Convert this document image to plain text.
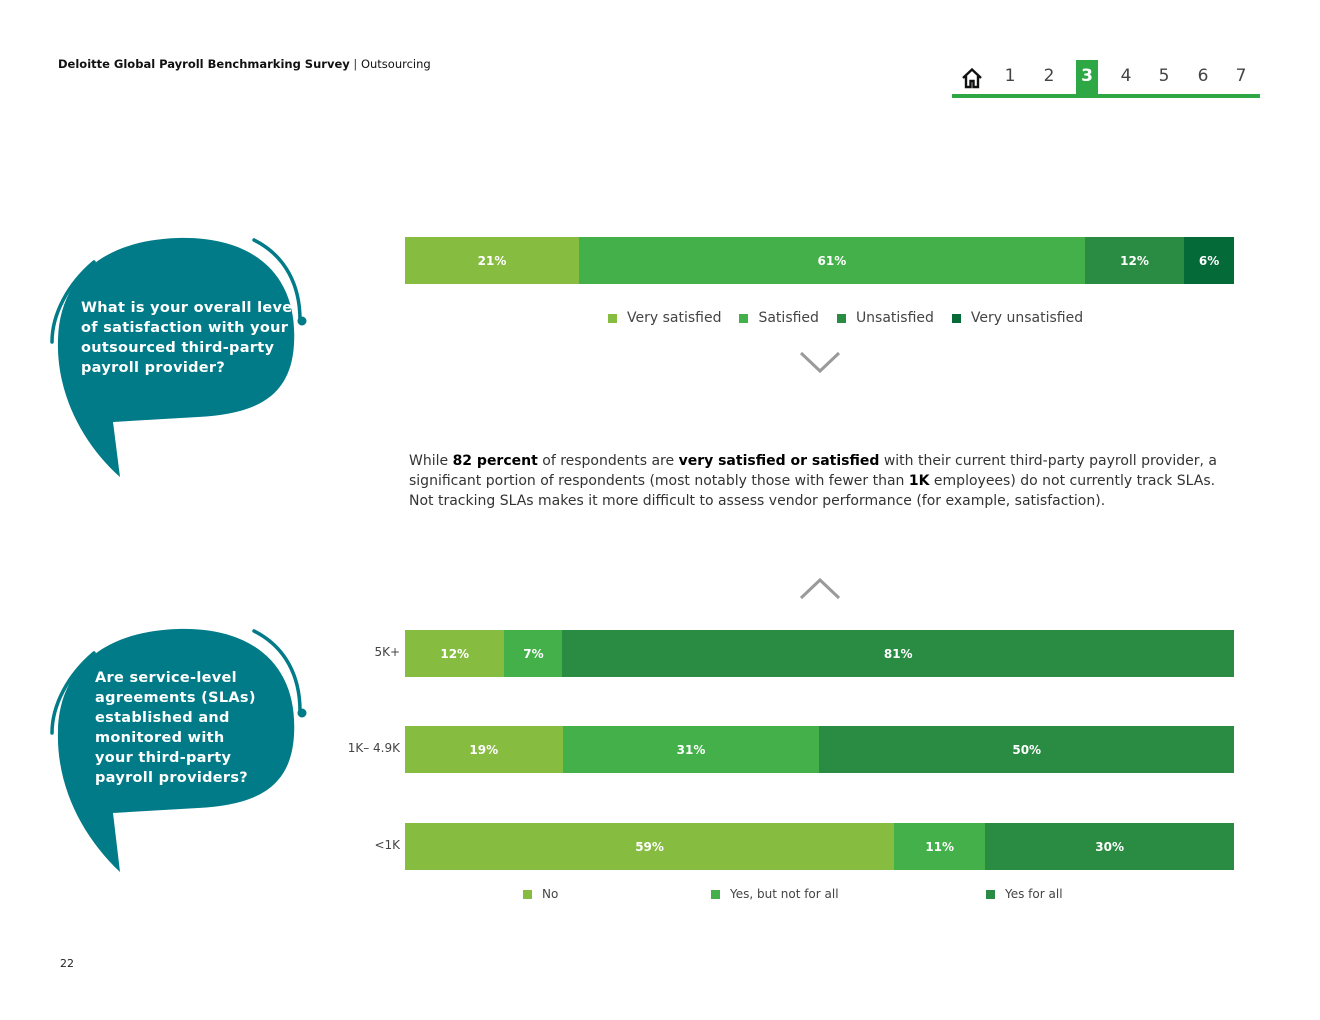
Deloitte Global Payroll Benchmarking Survey | Outsourcing
1	2	3	4	5	6	7
What is your overall level
of satisfaction with your
outsourced third-party
payroll provider?
21%	61%	12%	6%
Very satisfied	Satisfied	Unsatisfied	Very unsatisfied
While 82 percent of respondents are very satisfied or satisfied with their current third-party payroll provider, a significant portion of respondents (most notably those with fewer than 1K employees) do not currently track SLAs. Not tracking SLAs makes it more difficult to assess vendor performance (for example, satisfaction).
Are service-level
agreements (SLAs)
established and
monitored with
your third-party
payroll providers?
12%	7%	81%
5K+
19%	31%	50%
1K– 4.9K
59%	11%	30%
<1K
No	Yes, but not for all	Yes for all
22
